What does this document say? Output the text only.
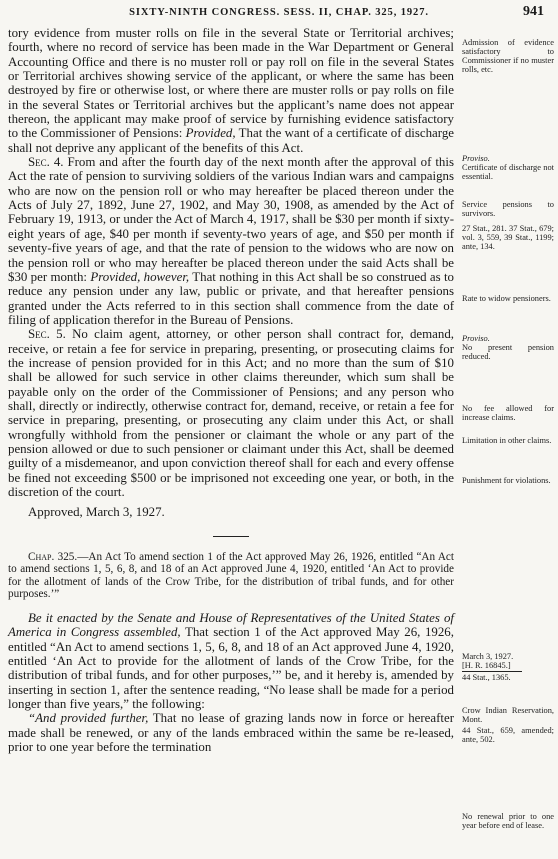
SIXTY-NINTH CONGRESS. SESS. II, CHAP. 325, 1927.	941

tory evidence from muster rolls on file in the several State or Territorial archives; fourth, where no record of service has been made in the War Department or General Accounting Office and there is no muster roll or pay roll on file in the several States or Territorial archives showing service of the applicant, or where the same has been destroyed by fire or otherwise lost, or where there are muster rolls or pay rolls on file in the several States or Territorial archives but the applicant’s name does not appear thereon, the applicant may make proof of service by furnishing evidence satisfactory to the Commissioner of Pensions: Provided, That the want of a certificate of discharge shall not deprive any applicant of the benefits of this Act.

Sec. 4. From and after the fourth day of the next month after the approval of this Act the rate of pension to surviving soldiers of the various Indian wars and campaigns who are now on the pension roll or who may hereafter be placed thereon under the Acts of July 27, 1892, June 27, 1902, and May 30, 1908, as amended by the Act of February 19, 1913, or under the Act of March 4, 1917, shall be $30 per month if sixty-eight years of age, $40 per month if seventy-two years of age, and $50 per month if seventy-five years of age, and that the rate of pension to the widows who are now on the pension roll or who may hereafter be placed thereon under the said Acts shall be $30 per month: Provided, however, That nothing in this Act shall be so construed as to reduce any pension under any law, public or private, and that hereafter pensions granted under the Acts referred to in this section shall commence from the date of filing of application therefor in the Bureau of Pensions.

Sec. 5. No claim agent, attorney, or other person shall contract for, demand, receive, or retain a fee for service in preparing, presenting, or prosecuting claims for the increase of pension provided for in this Act; and no more than the sum of $10 shall be allowed for such service in other claims thereunder, which sum shall be payable only on the order of the Commissioner of Pensions; and any person who shall, directly or indirectly, otherwise contract for, demand, receive, or retain a fee for service in preparing, presenting, or prosecuting any claim under this Act, or shall wrongfully withhold from the pensioner or claimant the whole or any part of the pension allowed or due to such pensioner or claimant under this Act, shall be deemed guilty of a misdemeanor, and upon conviction thereof shall for each and every offense be fined not exceeding $500 or be imprisoned not exceeding one year, or both, in the discretion of the court.

Approved, March 3, 1927.

Chap. 325.—An Act To amend section 1 of the Act approved May 26, 1926, entitled “An Act to amend sections 1, 5, 6, 8, and 18 of an Act approved June 4, 1920, entitled ‘An Act to provide for the allotment of lands of the Crow Tribe, for the distribution of tribal funds, and for other purposes.’”

Be it enacted by the Senate and House of Representatives of the United States of America in Congress assembled, That section 1 of the Act approved May 26, 1926, entitled “An Act to amend sections 1, 5, 6, 8, and 18 of an Act approved June 4, 1920, entitled ‘An Act to provide for the allotment of lands of the Crow Tribe, for the distribution of tribal funds, and for other purposes,’” be, and it hereby is, amended by inserting in section 1, after the sentence reading, “No lease shall be made for a period longer than five years,” the following:

“And provided further, That no lease of grazing lands now in force or hereafter made shall be renewed, or any of the lands embraced within the same be re-leased, prior to one year before the termination

Admission of evidence satisfactory to Commissioner if no muster rolls, etc.
Proviso.
Certificate of discharge not essential.
Service pensions to survivors.
27 Stat., 281. 37 Stat., 679; vol. 3, 559, 39 Stat., 1199; ante, 134.
Rate to widow pensioners.
Proviso.
No present pension reduced.
No fee allowed for increase claims.
Limitation in other claims.
Punishment for violations.
March 3, 1927.
[H. R. 16845.]
44 Stat., 1365.
Crow Indian Reservation, Mont.
44 Stat., 659, amended; ante, 502.
No renewal prior to one year before end of lease.
